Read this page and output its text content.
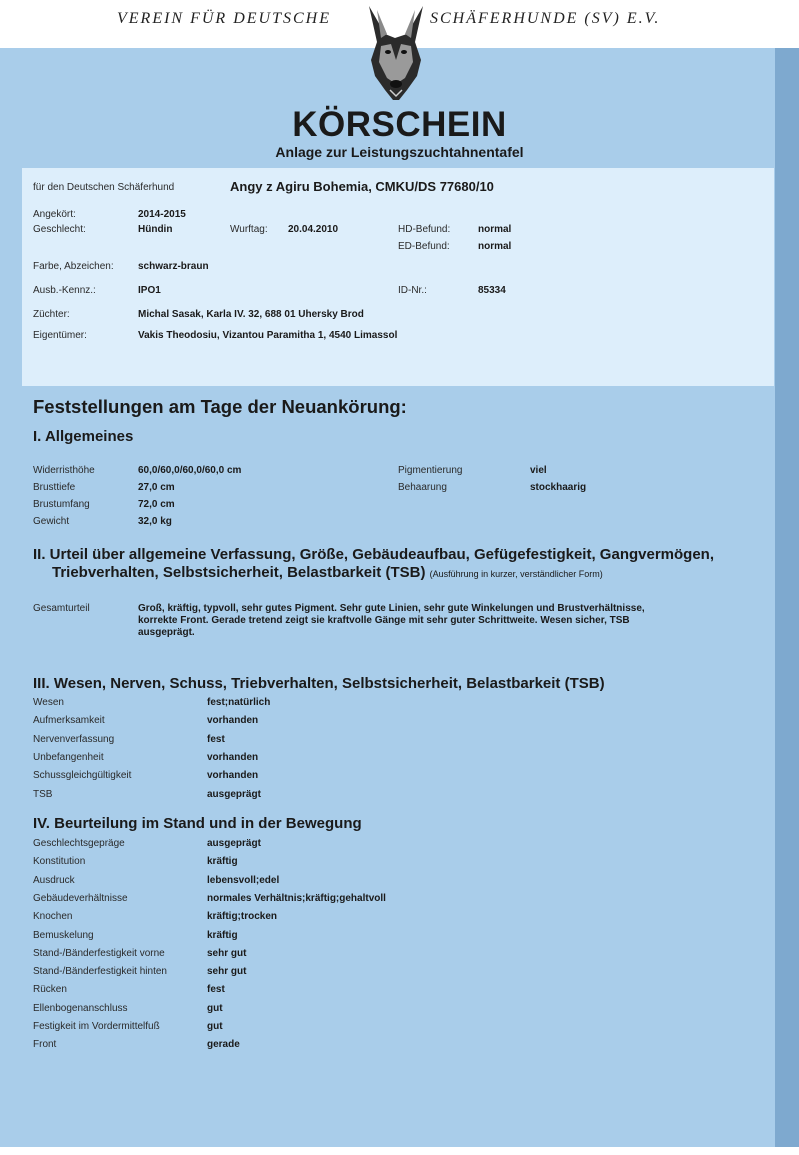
VEREIN FÜR DEUTSCHE	SCHÄFERHUNDE (SV) E.V.
KÖRSCHEIN
Anlage zur Leistungszuchtahnentafel
für den Deutschen Schäferhund	Angy z Agiru Bohemia, CMKU/DS 77680/10
Angekört:	2014-2015
Geschlecht:	Hündin	Wurftag: 20.04.2010	HD-Befund:	normal
ED-Befund:	normal
Farbe, Abzeichen: schwarz-braun
Ausb.-Kennz.:	IPO1	ID-Nr.:	85334
Züchter:	Michal Sasak, Karla IV. 32, 688 01 Uhersky Brod
Eigentümer:	Vakis Theodosiu, Vizantou Paramitha 1, 4540 Limassol
Feststellungen am Tage der Neuankörung:
I. Allgemeines
Widerristhöhe	60,0/60,0/60,0/60,0 cm
Brusttiefe	27,0 cm
Brustumfang	72,0 cm
Gewicht	32,0 kg
Pigmentierung	viel
Behaarung	stockhaarig
II. Urteil über allgemeine Verfassung, Größe, Gebäudeaufbau, Gefügefestigkeit, Gangvermögen,
Triebverhalten, Selbstsicherheit, Belastbarkeit (TSB) (Ausführung in kurzer, verständlicher Form)
Gesamturteil	Groß, kräftig, typvoll, sehr gutes Pigment. Sehr gute Linien, sehr gute Winkelungen und Brustverhältnisse,
korrekte Front. Gerade tretend zeigt sie kraftvolle Gänge mit sehr guter Schrittweite. Wesen sicher, TSB
ausgeprägt.
III. Wesen, Nerven, Schuss, Triebverhalten, Selbstsicherheit, Belastbarkeit (TSB)
Wesen	fest;natürlich
Aufmerksamkeit	vorhanden
Nervenverfassung	fest
Unbefangenheit	vorhanden
Schussgleichgültigkeit	vorhanden
TSB	ausgeprägt
IV. Beurteilung im Stand und in der Bewegung
Geschlechtsgepräge	ausgeprägt
Konstitution	kräftig
Ausdruck	lebensvoll;edel
Gebäudeverhältnisse	normales Verhältnis;kräftig;gehaltvoll
Knochen	kräftig;trocken
Bemuskelung	kräftig
Stand-/Bänderfestigkeit vorne	sehr gut
Stand-/Bänderfestigkeit hinten	sehr gut
Rücken	fest
Ellenbogenanschluss	gut
Festigkeit im Vordermittelfuß	gut
Front	gerade
